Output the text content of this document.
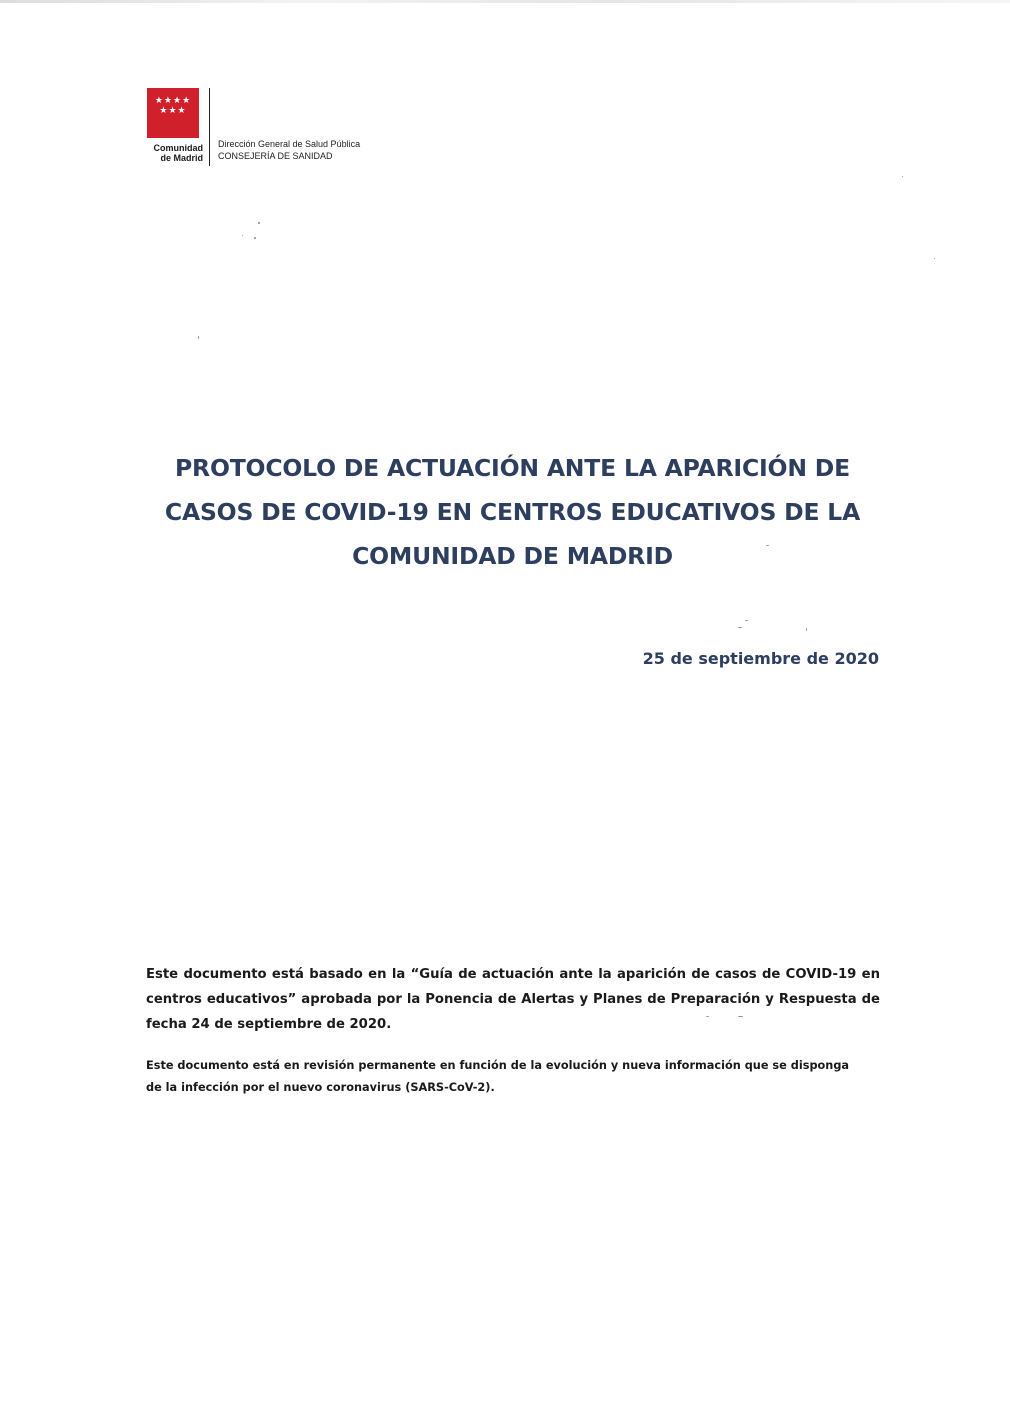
★★★★
★★★
Comunidad
de Madrid
Dirección General de Salud Pública
CONSEJERÍA DE SANIDAD
PROTOCOLO DE ACTUACIÓN ANTE LA APARICIÓN DE
CASOS DE COVID-19 EN CENTROS EDUCATIVOS DE LA
COMUNIDAD DE MADRID
25 de septiembre de 2020
Este documento está basado en la “Guía de actuación ante la aparición de casos de COVID-19 en
centros educativos” aprobada por la Ponencia de Alertas y Planes de Preparación y Respuesta de
fecha 24 de septiembre de 2020.
Este documento está en revisión permanente en función de la evolución y nueva información que se disponga
de la infección por el nuevo coronavirus (SARS-CoV-2).
